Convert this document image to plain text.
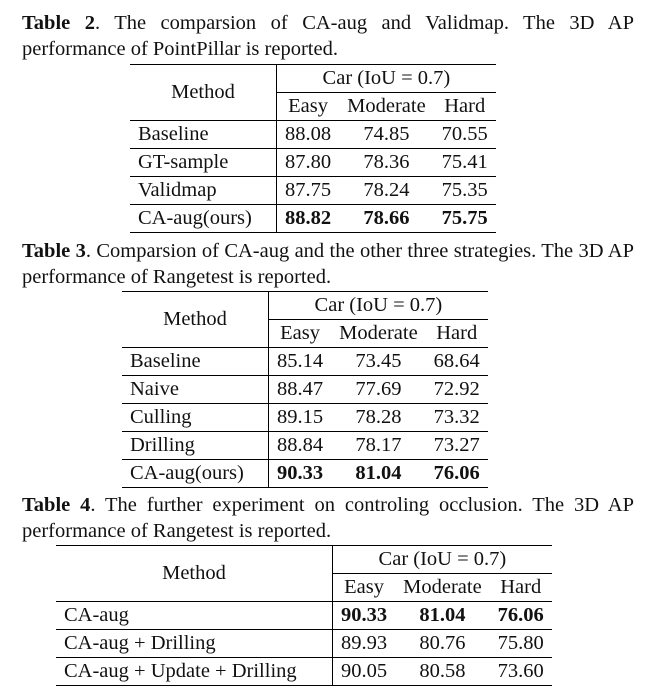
Table 2. The comparsion of CA-aug and Validmap. The 3D AP performance of PointPillar is reported.
Method	Car (IoU = 0.7)		
	Easy	Moderate	Hard
Baseline	88.08	74.85	70.55
GT-sample	87.80	78.36	75.41
Validmap	87.75	78.24	75.35
CA-aug(ours)	88.82	78.66	75.75
Table 3. Comparsion of CA-aug and the other three strategies. The 3D AP performance of Rangetest is reported.
Method	Car (IoU = 0.7)		
	Easy	Moderate	Hard
Baseline	85.14	73.45	68.64
Naive	88.47	77.69	72.92
Culling	89.15	78.28	73.32
Drilling	88.84	78.17	73.27
CA-aug(ours)	90.33	81.04	76.06
Table 4. The further experiment on controling occlusion. The 3D AP performance of Rangetest is reported.
Method	Car (IoU = 0.7)		
	Easy	Moderate	Hard
CA-aug	90.33	81.04	76.06
CA-aug + Drilling	89.93	80.76	75.80
CA-aug + Update + Drilling	90.05	80.58	73.60
